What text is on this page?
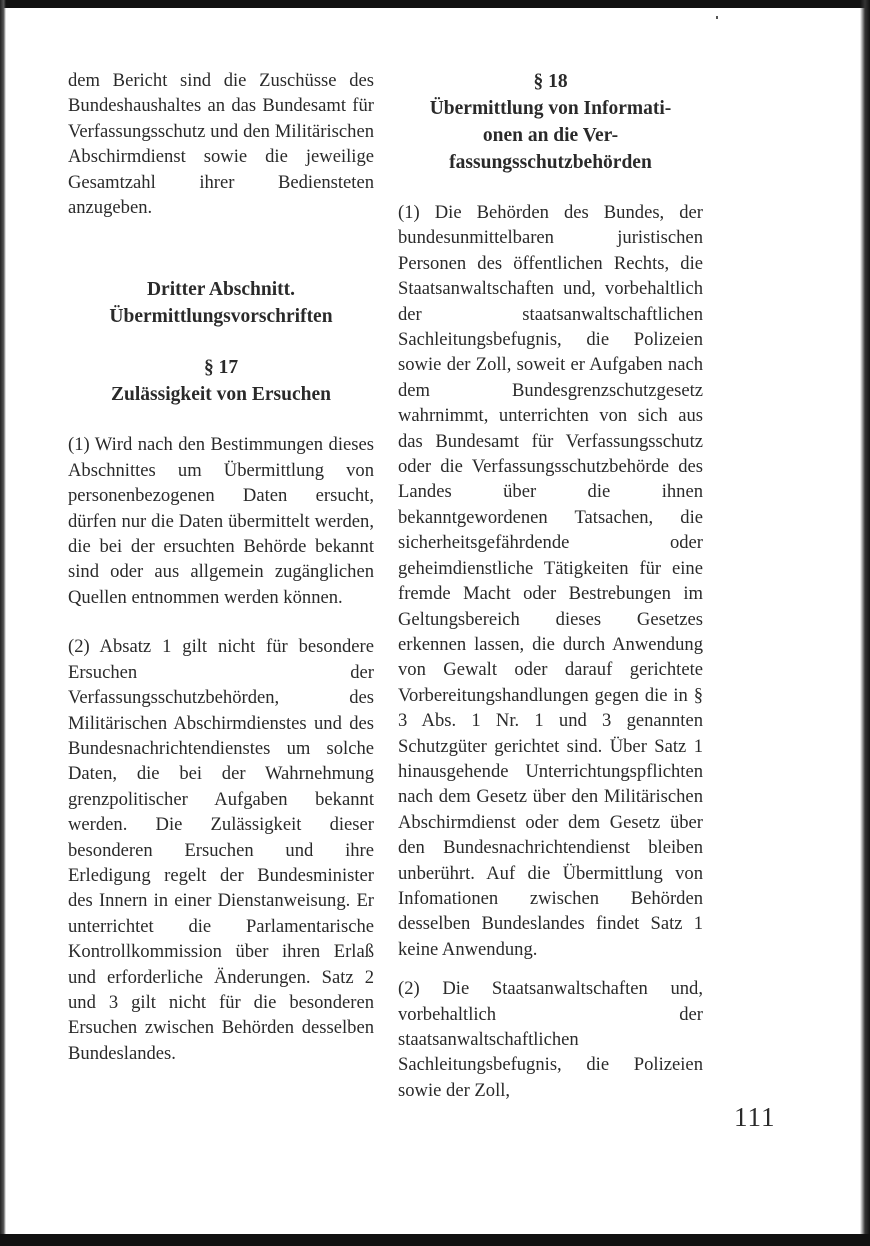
dem Bericht sind die Zuschüsse des Bundeshaushaltes an das Bundesamt für Verfassungsschutz und den Militärischen Abschirmdienst sowie die jeweilige Gesamtzahl ihrer Bediensteten anzugeben.

Dritter Abschnitt.

Übermittlungsvorschriften

§ 17

Zulässigkeit von Ersuchen

(1) Wird nach den Bestimmungen dieses Abschnittes um Übermittlung von personenbezogenen Daten ersucht, dürfen nur die Daten übermittelt werden, die bei der ersuchten Behörde bekannt sind oder aus allgemein zugänglichen Quellen entnommen werden können.

(2) Absatz 1 gilt nicht für besondere Ersuchen der Verfassungsschutzbehörden, des Militärischen Abschirmdienstes und des Bundesnachrichtendienstes um solche Daten, die bei der Wahrnehmung grenzpolitischer Aufgaben bekannt werden. Die Zulässigkeit dieser besonderen Ersuchen und ihre Erledigung regelt der Bundesminister des Innern in einer Dienstanweisung. Er unterrichtet die Parlamentarische Kontrollkommission über ihren Erlaß und erforderliche Änderungen. Satz 2 und 3 gilt nicht für die besonderen Ersuchen zwischen Behörden desselben Bundeslandes.

§ 18

Übermittlung von Informati-

onen an die Ver-

fassungsschutzbehörden

(1) Die Behörden des Bundes, der bundesunmittelbaren juristischen Personen des öffentlichen Rechts, die Staatsanwaltschaften und, vorbehaltlich der staatsanwaltschaftlichen Sachleitungsbefugnis, die Polizeien sowie der Zoll, soweit er Aufgaben nach dem Bundesgrenzschutzgesetz wahrnimmt, unterrichten von sich aus das Bundesamt für Verfassungsschutz oder die Verfassungsschutzbehörde des Landes über die ihnen bekanntgewordenen Tatsachen, die sicherheitsgefährdende oder geheimdienstliche Tätigkeiten für eine fremde Macht oder Bestrebungen im Geltungsbereich dieses Gesetzes erkennen lassen, die durch Anwendung von Gewalt oder darauf gerichtete Vorbereitungshandlungen gegen die in § 3 Abs. 1 Nr. 1 und 3 genannten Schutzgüter gerichtet sind. Über Satz 1 hinausgehende Unterrichtungspflichten nach dem Gesetz über den Militärischen Abschirmdienst oder dem Gesetz über den Bundesnachrichtendienst bleiben unberührt. Auf die Übermittlung von Infomationen zwischen Behörden desselben Bundeslandes findet Satz 1 keine Anwendung.

(2) Die Staatsanwaltschaften und, vorbehaltlich der staatsanwaltschaftlichen Sachleitungsbefugnis, die Polizeien sowie der Zoll,

111
